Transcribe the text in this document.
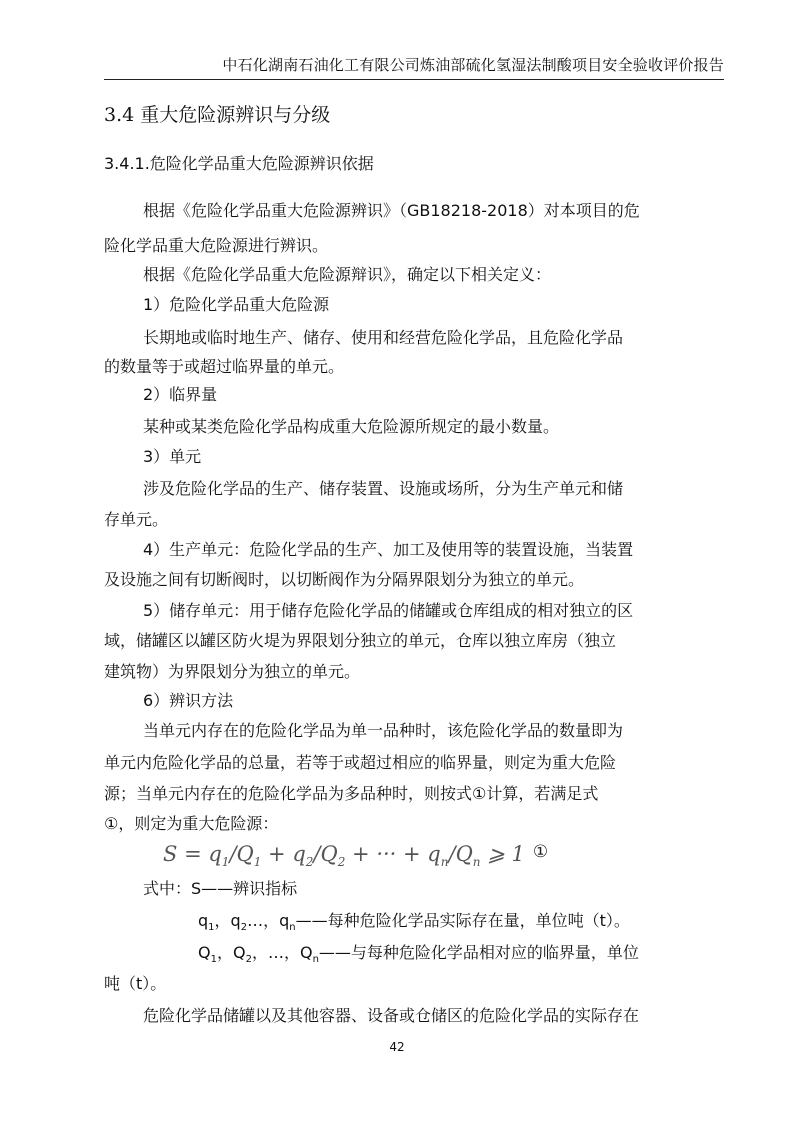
中石化湖南石油化工有限公司炼油部硫化氢湿法制酸项目安全验收评价报告
3.4 重大危险源辨识与分级
3.4.1.危险化学品重大危险源辨识依据
根据《危险化学品重大危险源辨识》（GB18218-2018）对本项目的危
险化学品重大危险源进行辨识。
根据《危险化学品重大危险源辩识》，确定以下相关定义：
1）危险化学品重大危险源
长期地或临时地生产、储存、使用和经营危险化学品，且危险化学品
的数量等于或超过临界量的单元。
2）临界量
某种或某类危险化学品构成重大危险源所规定的最小数量。
3）单元
涉及危险化学品的生产、储存装置、设施或场所，分为生产单元和储
存单元。
4）生产单元：危险化学品的生产、加工及使用等的装置设施，当装置
及设施之间有切断阀时，以切断阀作为分隔界限划分为独立的单元。
5）储存单元：用于储存危险化学品的储罐或仓库组成的相对独立的区
域，储罐区以罐区防火堤为界限划分独立的单元，仓库以独立库房（独立
建筑物）为界限划分为独立的单元。
6）辨识方法
当单元内存在的危险化学品为单一品种时，该危险化学品的数量即为
单元内危险化学品的总量，若等于或超过相应的临界量，则定为重大危险
源；当单元内存在的危险化学品为多品种时，则按式①计算，若满足式
①，则定为重大危险源：
$S = q_1/Q_1 + q_2/Q_2$ + ··· + $q_n/Q_n$ ⩾ 1 ①
式中：S——辨识指标
$q_1$，$q_2\dots$，$q_n——$每种危险化学品实际存在量，单位吨（t）。
$Q_1$，$Q_2$，…，$Q_n——$与每种危险化学品相对应的临界量，单位
吨（t）。
危险化学品储罐以及其他容器、设备或仓储区的危险化学品的实际存在
42
